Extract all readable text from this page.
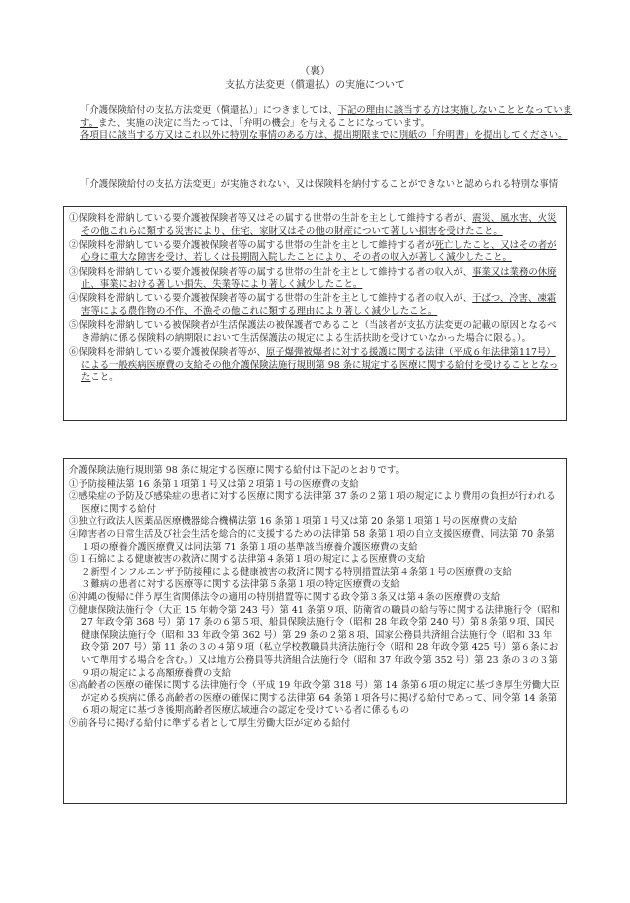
（裏）
支払方法変更（償還払）の実施について

「介護保険給付の支払方法変更（償還払）」につきましては、下記の理由に該当する方は実施しないこととなっています。また、実施の決定に当たっては、「弁明の機会」を与えることになっています。

各項目に該当する方又はこれ以外に特別な事情のある方は、提出期限までに別紙の「弁明書」を提出してください。

「介護保険給付の支払方法変更」が実施されない、又は保険料を納付することができないと認められる特別な事情

①保険料を滞納している要介護被保険者等又はその属する世帯の生計を主として維持する者が、震災、風水害、火災その他これらに類する災害により、住宅、家財又はその他の財産について著しい損害を受けたこと。

②保険料を滞納している要介護被保険者等の属する世帯の生計を主として維持する者が死亡したこと、又はその者が心身に重大な障害を受け、若しくは長期間入院したことにより、その者の収入が著しく減少したこと。

③保険料を滞納している要介護被保険者等の属する世帯の生計を主として維持する者の収入が、事業又は業務の休廃止、事業における著しい損失、失業等により著しく減少したこと。

④保険料を滞納している要介護被保険者等の属する世帯の生計を主として維持する者の収入が、干ばつ、冷害、凍霜害等による農作物の不作、不漁その他これに類する理由により著しく減少したこと。

⑤保険料を滞納している被保険者が生活保護法の被保護者であること（当該者が支払方法変更の記載の原因となるべき滞納に係る保険料の納期限において生活保護法の規定による生活扶助を受けていなかった場合に限る。）。

⑥保険料を滞納している要介護被保険者等が、原子爆弾被爆者に対する援護に関する法律（平成６年法律第117号）による一般疾病医療費の支給その他介護保険法施行規則第 98 条に規定する医療に関する給付を受けることとなったこと。

介護保険法施行規則第 98 条に規定する医療に関する給付は下記のとおりです。

①予防接種法第 16 条第１項第１号又は第２項第１号の医療費の支給

②感染症の予防及び感染症の患者に対する医療に関する法律第 37 条の２第１項の規定により費用の負担が行われる医療に関する給付

③独立行政法人医薬品医療機器総合機構法第 16 条第１項第１号又は第 20 条第１項第１号の医療費の支給

④障害者の日常生活及び社会生活を総合的に支援するための法律第 58 条第１項の自立支援医療費、同法第 70 条第１項の療養介護医療費又は同法第 71 条第１項の基準該当療養介護医療費の支給

⑤１石綿による健康被害の救済に関する法律第４条第１項の規定による医療費の支給

２新型インフルエンザ予防接種による健康被害の救済に関する特別措置法第４条第１号の医療費の支給

３難病の患者に対する医療等に関する法律第５条第１項の特定医療費の支給

⑥沖縄の復帰に伴う厚生省関係法令の適用の特別措置等に関する政令第３条又は第４条の医療費の支給

⑦健康保険法施行令（大正 15 年勅令第 243 号）第 41 条第９項、防衛省の職員の給与等に関する法律施行令（昭和 27 年政令第 368 号）第 17 条の６第５項、船員保険法施行令（昭和 28 年政令第 240 号）第８条第９項、国民健康保険法施行令（昭和 33 年政令第 362 号）第 29 条の２第８項、国家公務員共済組合法施行令（昭和 33 年政令第 207 号）第 11 条の３の４第９項（私立学校教職員共済法施行令（昭和 28 年政令第 425 号）第６条において準用する場合を含む。）又は地方公務員等共済組合法施行令（昭和 37 年政令第 352 号）第 23 条の３の３第９項の規定による高額療養費の支給

⑧高齢者の医療の確保に関する法律施行令（平成 19 年政令第 318 号）第 14 条第６項の規定に基づき厚生労働大臣が定める疾病に係る高齢者の医療の確保に関する法律第 64 条第１項各号に掲げる給付であって、同令第 14 条第６項の規定に基づき後期高齢者医療広域連合の認定を受けている者に係るもの

⑨前各号に掲げる給付に準ずる者として厚生労働大臣が定める給付
